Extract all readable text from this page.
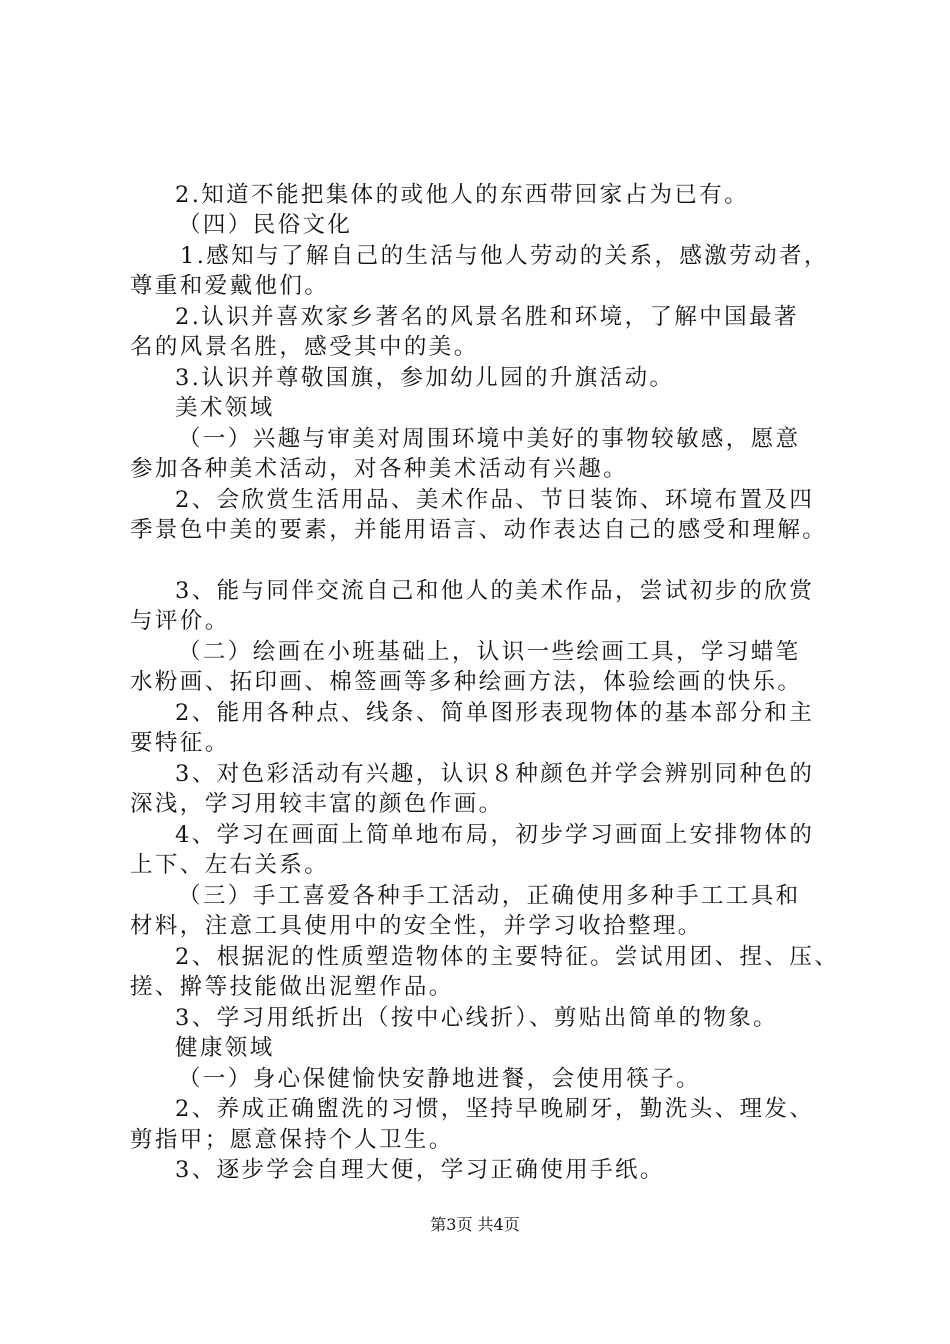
2.知道不能把集体的或他人的东西带回家占为已有。
（四）民俗文化
1.感知与了解自己的生活与他人劳动的关系，感激劳动者，
尊重和爱戴他们。
2.认识并喜欢家乡著名的风景名胜和环境，了解中国最著
名的风景名胜，感受其中的美。
3.认识并尊敬国旗，参加幼儿园的升旗活动。
美术领域
（一）兴趣与审美对周围环境中美好的事物较敏感，愿意
参加各种美术活动，对各种美术活动有兴趣。
2、会欣赏生活用品、美术作品、节日装饰、环境布置及四
季景色中美的要素，并能用语言、动作表达自己的感受和理解。
3、能与同伴交流自己和他人的美术作品，尝试初步的欣赏
与评价。
（二）绘画在小班基础上，认识一些绘画工具，学习蜡笔
水粉画、拓印画、棉签画等多种绘画方法，体验绘画的快乐。
2、能用各种点、线条、简单图形表现物体的基本部分和主
要特征。
3、对色彩活动有兴趣，认识８种颜色并学会辨别同种色的
深浅，学习用较丰富的颜色作画。
4、学习在画面上简单地布局，初步学习画面上安排物体的
上下、左右关系。
（三）手工喜爱各种手工活动，正确使用多种手工工具和
材料，注意工具使用中的安全性，并学习收拾整理。
2、根据泥的性质塑造物体的主要特征。尝试用团、捏、压、
搓、擀等技能做出泥塑作品。
3、学习用纸折出（按中心线折）、剪贴出简单的物象。
健康领域
（一）身心保健愉快安静地进餐，会使用筷子。
2、养成正确盥洗的习惯，坚持早晚刷牙，勤洗头、理发、
剪指甲；愿意保持个人卫生。
3、逐步学会自理大便，学习正确使用手纸。
第3页 共4页
